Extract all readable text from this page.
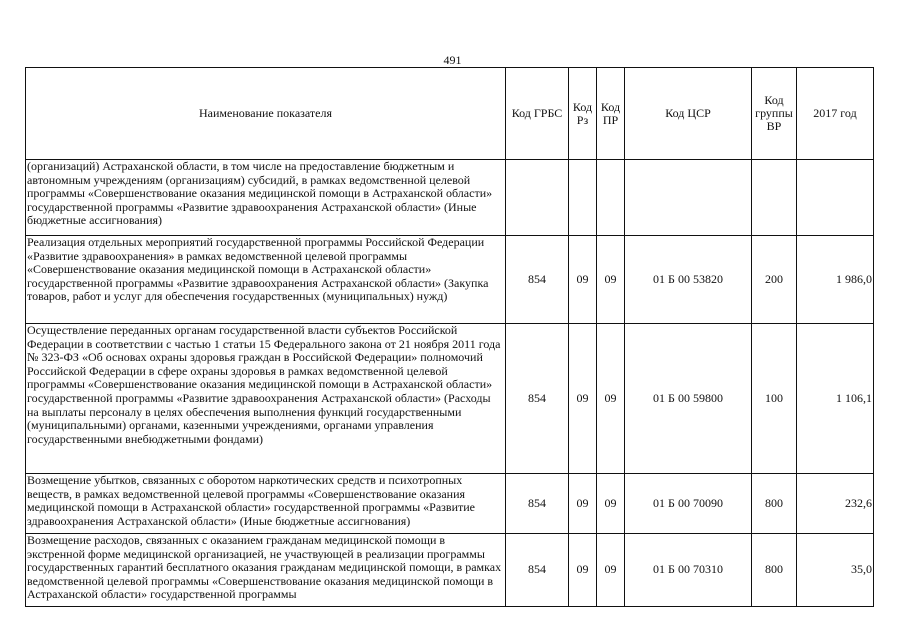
491
Наименование показателя	Код ГРБС	Код Рз	Код ПР	Код ЦСР	Код группы ВР	2017 год
(организаций) Астраханской области, в том числе на предоставление бюджетным и автономным учреждениям (организациям) субсидий, в рамках ведомственной целевой программы «Совершенствование оказания медицинской помощи в Астраханской области» государственной программы «Развитие здравоохранения Астраханской области» (Иные бюджетные ассигнования)						
Реализация отдельных мероприятий государственной программы Российской Федерации «Развитие здравоохранения» в рамках ведомственной целевой программы «Совершенствование оказания медицинской помощи в Астраханской области» государственной программы «Развитие здравоохранения Астраханской области» (Закупка товаров, работ и услуг для обеспечения государственных (муниципальных) нужд)	854	09	09	01 Б 00 53820	200	1 986,0
Осуществление переданных органам государственной власти субъектов Российской Федерации в соответствии с частью 1 статьи 15 Федерального закона от 21 ноября 2011 года № 323-ФЗ «Об основах охраны здоровья граждан в Российской Федерации» полномочий Российской Федерации в сфере охраны здоровья в рамках ведомственной целевой программы «Совершенствование оказания медицинской помощи в Астраханской области» государственной программы «Развитие здравоохранения Астраханской области» (Расходы на выплаты персоналу в целях обеспечения выполнения функций государственными (муниципальными) органами, казенными учреждениями, органами управления государственными внебюджетными фондами)	854	09	09	01 Б 00 59800	100	1 106,1
Возмещение убытков, связанных с оборотом наркотических средств и психотропных веществ, в рамках ведомственной целевой программы «Совершенствование оказания медицинской помощи в Астраханской области» государственной программы «Развитие здравоохранения Астраханской области» (Иные бюджетные ассигнования)	854	09	09	01 Б 00 70090	800	232,6
Возмещение расходов, связанных с оказанием гражданам медицинской помощи в экстренной форме медицинской организацией, не участвующей в реализации программы государственных гарантий бесплатного оказания гражданам медицинской помощи, в рамках ведомственной целевой программы «Совершенствование оказания медицинской помощи в Астраханской области» государственной программы	854	09	09	01 Б 00 70310	800	35,0
